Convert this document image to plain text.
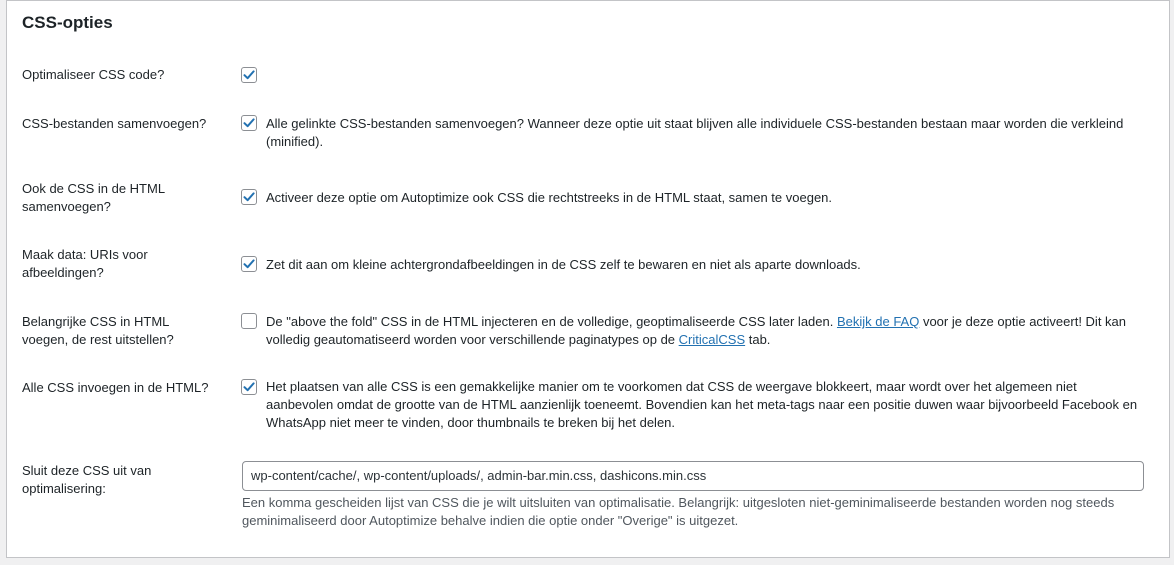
CSS-opties
Optimaliseer CSS code?
CSS-bestanden samenvoegen?	Alle gelinkte CSS-bestanden samenvoegen? Wanneer deze optie uit staat blijven alle individuele CSS-bestanden bestaan maar worden die verkleind (minified).
Ook de CSS in de HTML samenvoegen?
Activeer deze optie om Autoptimize ook CSS die rechtstreeks in de HTML staat, samen te voegen.
Maak data: URIs voor afbeeldingen?
Zet dit aan om kleine achtergrondafbeeldingen in de CSS zelf te bewaren en niet als aparte downloads.
Belangrijke CSS in HTML voegen, de rest uitstellen?
De "above the fold" CSS in de HTML injecteren en de volledige, geoptimaliseerde CSS later laden. Bekijk de FAQ voor je deze optie activeert! Dit kan volledig geautomatiseerd worden voor verschillende paginatypes op de CriticalCSS tab.
Alle CSS invoegen in de HTML?	Het plaatsen van alle CSS is een gemakkelijke manier om te voorkomen dat CSS de weergave blokkeert, maar wordt over het algemeen niet aanbevolen omdat de grootte van de HTML aanzienlijk toeneemt. Bovendien kan het meta-tags naar een positie duwen waar bijvoorbeeld Facebook en WhatsApp niet meer te vinden, door thumbnails te breken bij het delen.
Sluit deze CSS uit van optimalisering:
wp-content/cache/, wp-content/uploads/, admin-bar.min.css, dashicons.min.css
Een komma gescheiden lijst van CSS die je wilt uitsluiten van optimalisatie. Belangrijk: uitgesloten niet-geminimaliseerde bestanden worden nog steeds geminimaliseerd door Autoptimize behalve indien die optie onder "Overige" is uitgezet.
